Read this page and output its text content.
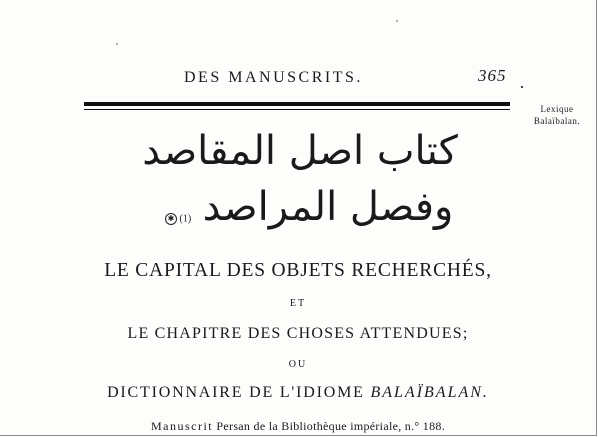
DES MANUSCRITS.	365
Lexique
Balaïbalan.
كتاب اصل المقاصد
وفصل المراصد
✱ (1)
LE CAPITAL DES OBJETS RECHERCHÉS,
ET
LE CHAPITRE DES CHOSES ATTENDUES;
OU
DICTIONNAIRE DE L'IDIOME BALAÏBALAN.
Manuscrit Persan de la Bibliothèque impériale, n.° 188.
